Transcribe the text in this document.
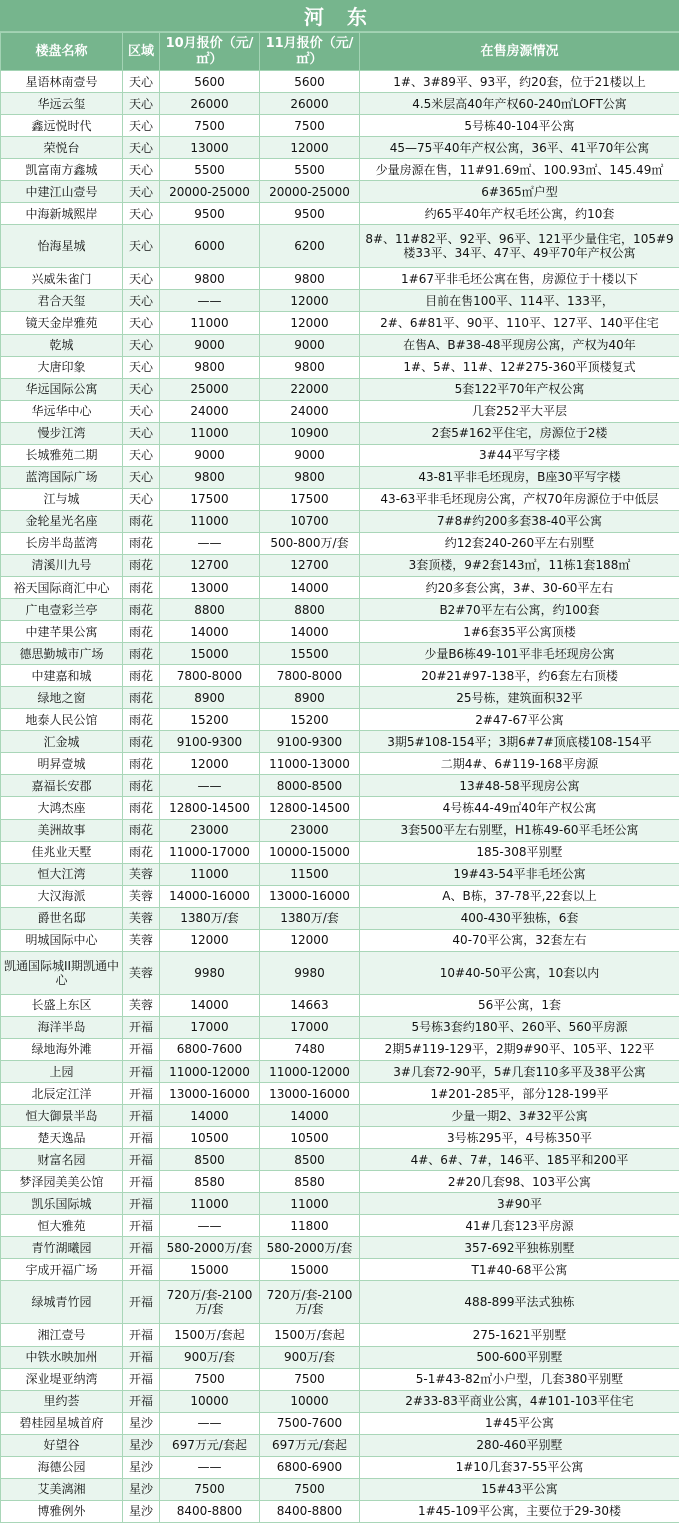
河 东
楼盘名称	区域	10月报价（元/㎡）	11月报价（元/㎡）	在售房源情况
星语林南壹号	天心	5600	5600	1#、3#89平、93平，约20套，位于21楼以上
华远云玺	天心	26000	26000	4.5米层高40年产权60-240㎡LOFT公寓
鑫远悦时代	天心	7500	7500	5号栋40-104平公寓
荣悦台	天心	13000	12000	45—75平40年产权公寓，36平、41平70年公寓
凯富南方鑫城	天心	5500	5500	少量房源在售，11#91.69㎡、100.93㎡、145.49㎡
中建江山壹号	天心	20000-25000	20000-25000	6#365㎡户型
中海新城熙岸	天心	9500	9500	约65平40年产权毛坯公寓，约10套
怡海星城	天心	6000	6200	8#、11#82平、92平、96平、121平少量住宅，105#9楼33平、34平、47平、49平70年产权公寓
兴威朱雀门	天心	9800	9800	1#67平非毛坯公寓在售，房源位于十楼以下
君合天玺	天心	——	12000	目前在售100平、114平、133平，
镜天金岸雅苑	天心	11000	12000	2#、6#81平、90平、110平、127平、140平住宅
乾城	天心	9000	9000	在售A、B#38-48平现房公寓，产权为40年
大唐印象	天心	9800	9800	1#、5#、11#、12#275-360平顶楼复式
华远国际公寓	天心	25000	22000	5套122平70年产权公寓
华远华中心	天心	24000	24000	几套252平大平层
慢步江湾	天心	11000	10900	2套5#162平住宅，房源位于2楼
长城雅苑二期	天心	9000	9000	3#44平写字楼
蓝湾国际广场	天心	9800	9800	43-81平非毛坯现房，B座30平写字楼
江与城	天心	17500	17500	43-63平非毛坯现房公寓，产权70年房源位于中低层
金轮星光名座	雨花	11000	10700	7#8#约200多套38-40平公寓
长房半岛蓝湾	雨花	——	500-800万/套	约12套240-260平左右别墅
清溪川九号	雨花	12700	12700	3套顶楼，9#2套143㎡，11栋1套188㎡
裕天国际商汇中心	雨花	13000	14000	约20多套公寓，3#、30-60平左右
广电壹彩兰亭	雨花	8800	8800	B2#70平左右公寓，约100套
中建芊果公寓	雨花	14000	14000	1#6套35平公寓顶楼
德思勤城市广场	雨花	15000	15500	少量B6栋49-101平非毛坯现房公寓
中建嘉和城	雨花	7800-8000	7800-8000	20#21#97-138平，约6套左右顶楼
绿地之窗	雨花	8900	8900	25号栋，建筑面积32平
地泰人民公馆	雨花	15200	15200	2#47-67平公寓
汇金城	雨花	9100-9300	9100-9300	3期5#108-154平；3期6#7#顶底楼108-154平
明昇壹城	雨花	12000	11000-13000	二期4#、6#119-168平房源
嘉福长安郡	雨花	——	8000-8500	13#48-58平现房公寓
大鸿杰座	雨花	12800-14500	12800-14500	4号栋44-49㎡40年产权公寓
美洲故事	雨花	23000	23000	3套500平左右别墅，H1栋49-60平毛坯公寓
佳兆业天墅	雨花	11000-17000	10000-15000	185-308平别墅
恒大江湾	芙蓉	11000	11500	19#43-54平非毛坯公寓
大汉海派	芙蓉	14000-16000	13000-16000	A、B栋，37-78平,22套以上
爵世名邸	芙蓉	1380万/套	1380万/套	400-430平独栋，6套
明城国际中心	芙蓉	12000	12000	40-70平公寓，32套左右
凯通国际城II期凯通中心	芙蓉	9980	9980	10#40-50平公寓，10套以内
长盛上东区	芙蓉	14000	14663	56平公寓，1套
海洋半岛	开福	17000	17000	5号栋3套约180平、260平、560平房源
绿地海外滩	开福	6800-7600	7480	2期5#119-129平，2期9#90平、105平、122平
上园	开福	11000-12000	11000-12000	3#几套72-90平，5#几套110多平及38平公寓
北辰定江洋	开福	13000-16000	13000-16000	1#201-285平，部分128-199平
恒大御景半岛	开福	14000	14000	少量一期2、3#32平公寓
楚天逸品	开福	10500	10500	3号栋295平，4号栋350平
财富名园	开福	8500	8500	4#、6#、7#，146平、185平和200平
梦泽园美美公馆	开福	8580	8580	2#20几套98、103平公寓
凯乐国际城	开福	11000	11000	3#90平
恒大雅苑	开福	——	11800	41#几套123平房源
青竹湖曦园	开福	580-2000万/套	580-2000万/套	357-692平独栋别墅
宇成开福广场	开福	15000	15000	T1#40-68平公寓
绿城青竹园	开福	720万/套-2100万/套	720万/套-2100万/套	488-899平法式独栋
湘江壹号	开福	1500万/套起	1500万/套起	275-1621平别墅
中铁水映加州	开福	900万/套	900万/套	500-600平别墅
深业堤亚纳湾	开福	7500	7500	5-1#43-82㎡小户型，几套380平别墅
里约荟	开福	10000	10000	2#33-83平商业公寓，4#101-103平住宅
碧桂园星城首府	星沙	——	7500-7600	1#45平公寓
好望谷	星沙	697万元/套起	697万元/套起	280-460平别墅
海德公园	星沙	——	6800-6900	1#10几套37-55平公寓
艾美漓湘	星沙	7500	7500	15#43平公寓
博雅例外	星沙	8400-8800	8400-8800	1#45-109平公寓，主要位于29-30楼
